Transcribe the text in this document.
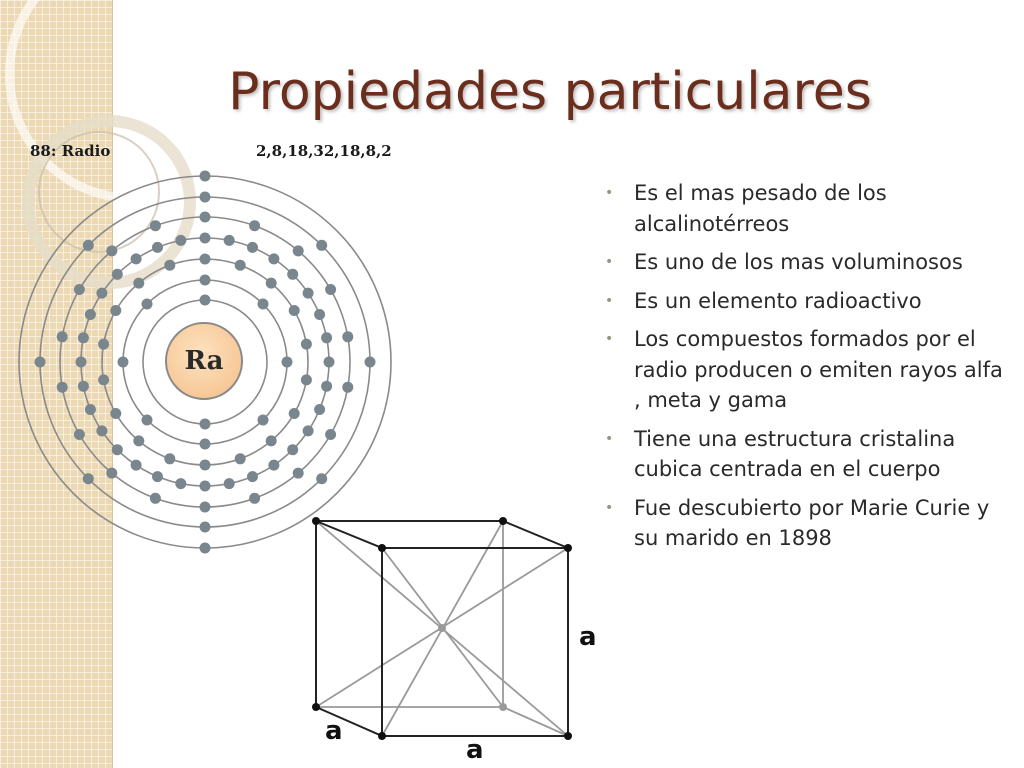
Propiedades particulares
88: Radio	2,8,18,32,18,8,2
Ra
• Es el mas pesado de los alcalinotérreos
• Es uno de los mas voluminosos
• Es un elemento radioactivo
• Los compuestos formados por el radio producen o emiten rayos alfa , meta y gama
• Tiene una estructura cristalina cubica centrada en el cuerpo
• Fue descubierto por Marie Curie y su marido en 1898
a
a
a
